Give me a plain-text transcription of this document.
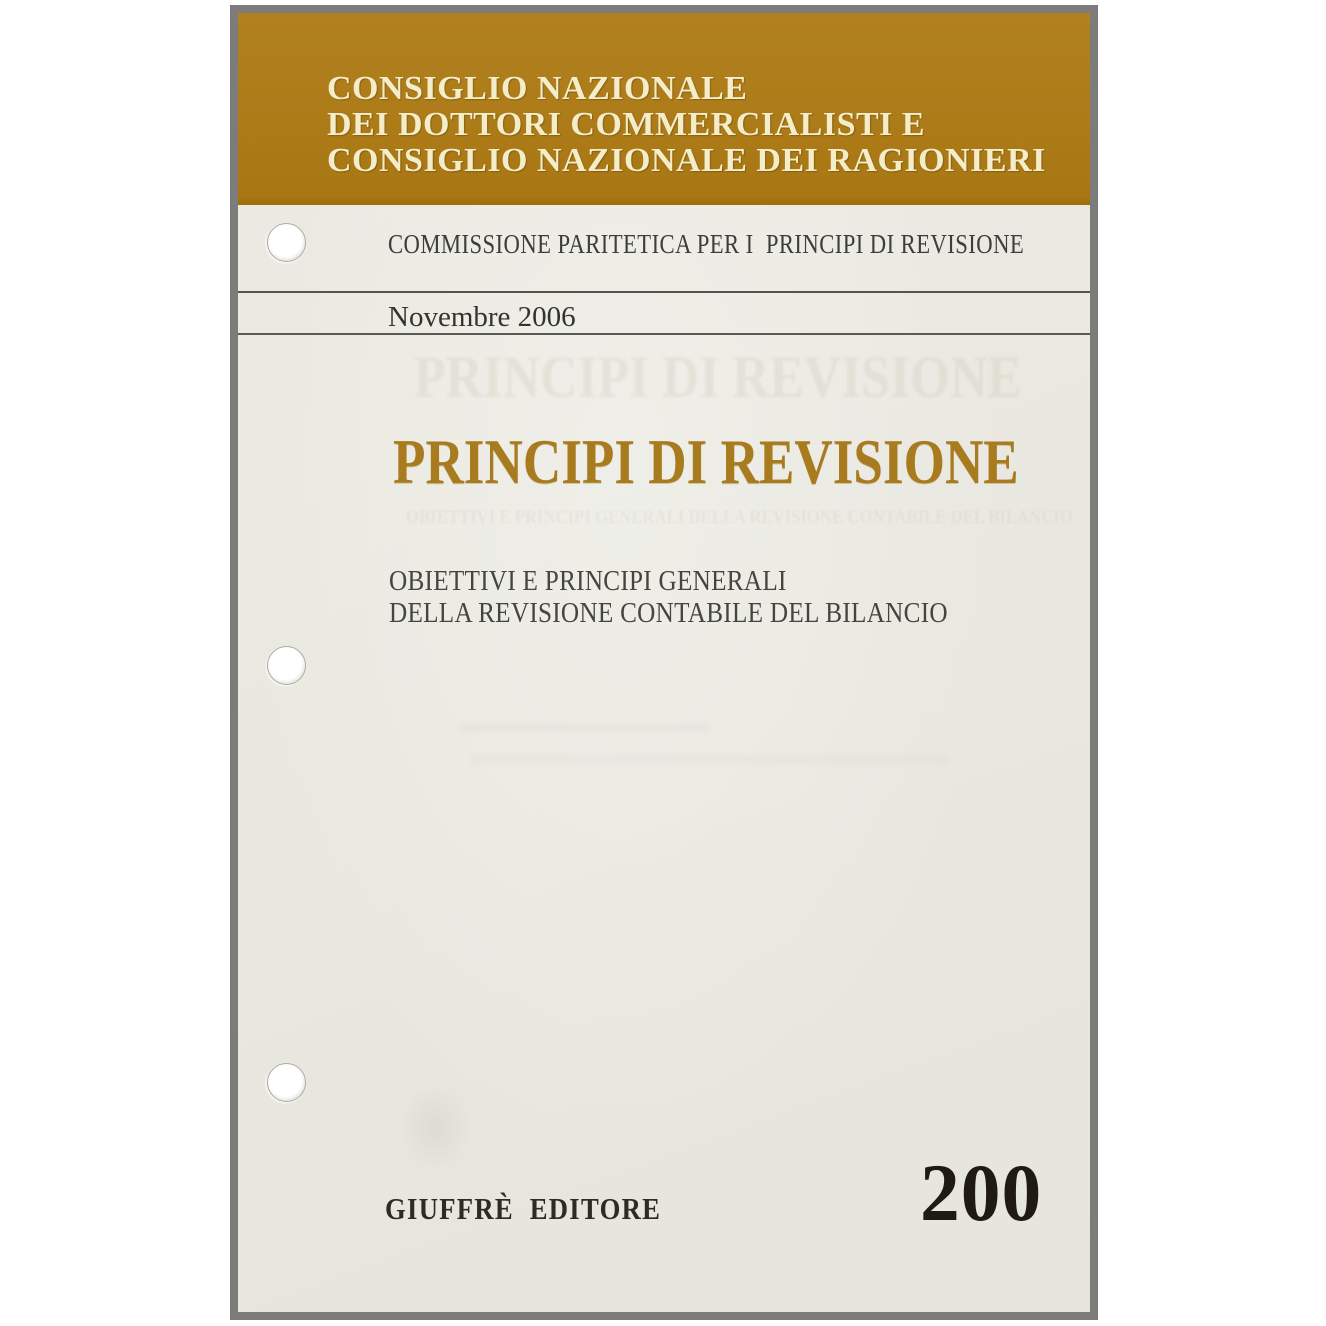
CONSIGLIO NAZIONALE
DEI DOTTORI COMMERCIALISTI E
CONSIGLIO NAZIONALE DEI RAGIONIERI
COMMISSIONE PARITETICA PER I  PRINCIPI DI REVISIONE
Novembre 2006
PRINCIPI DI REVISIONE
PRINCIPI DI REVISIONE
OBIETTIVI E PRINCIPI GENERALI DELLA REVISIONE CONTABILE DEL BILANCIO
OBIETTIVI E PRINCIPI GENERALI
DELLA REVISIONE CONTABILE DEL BILANCIO
GIUFFRÈ EDITORE	200
